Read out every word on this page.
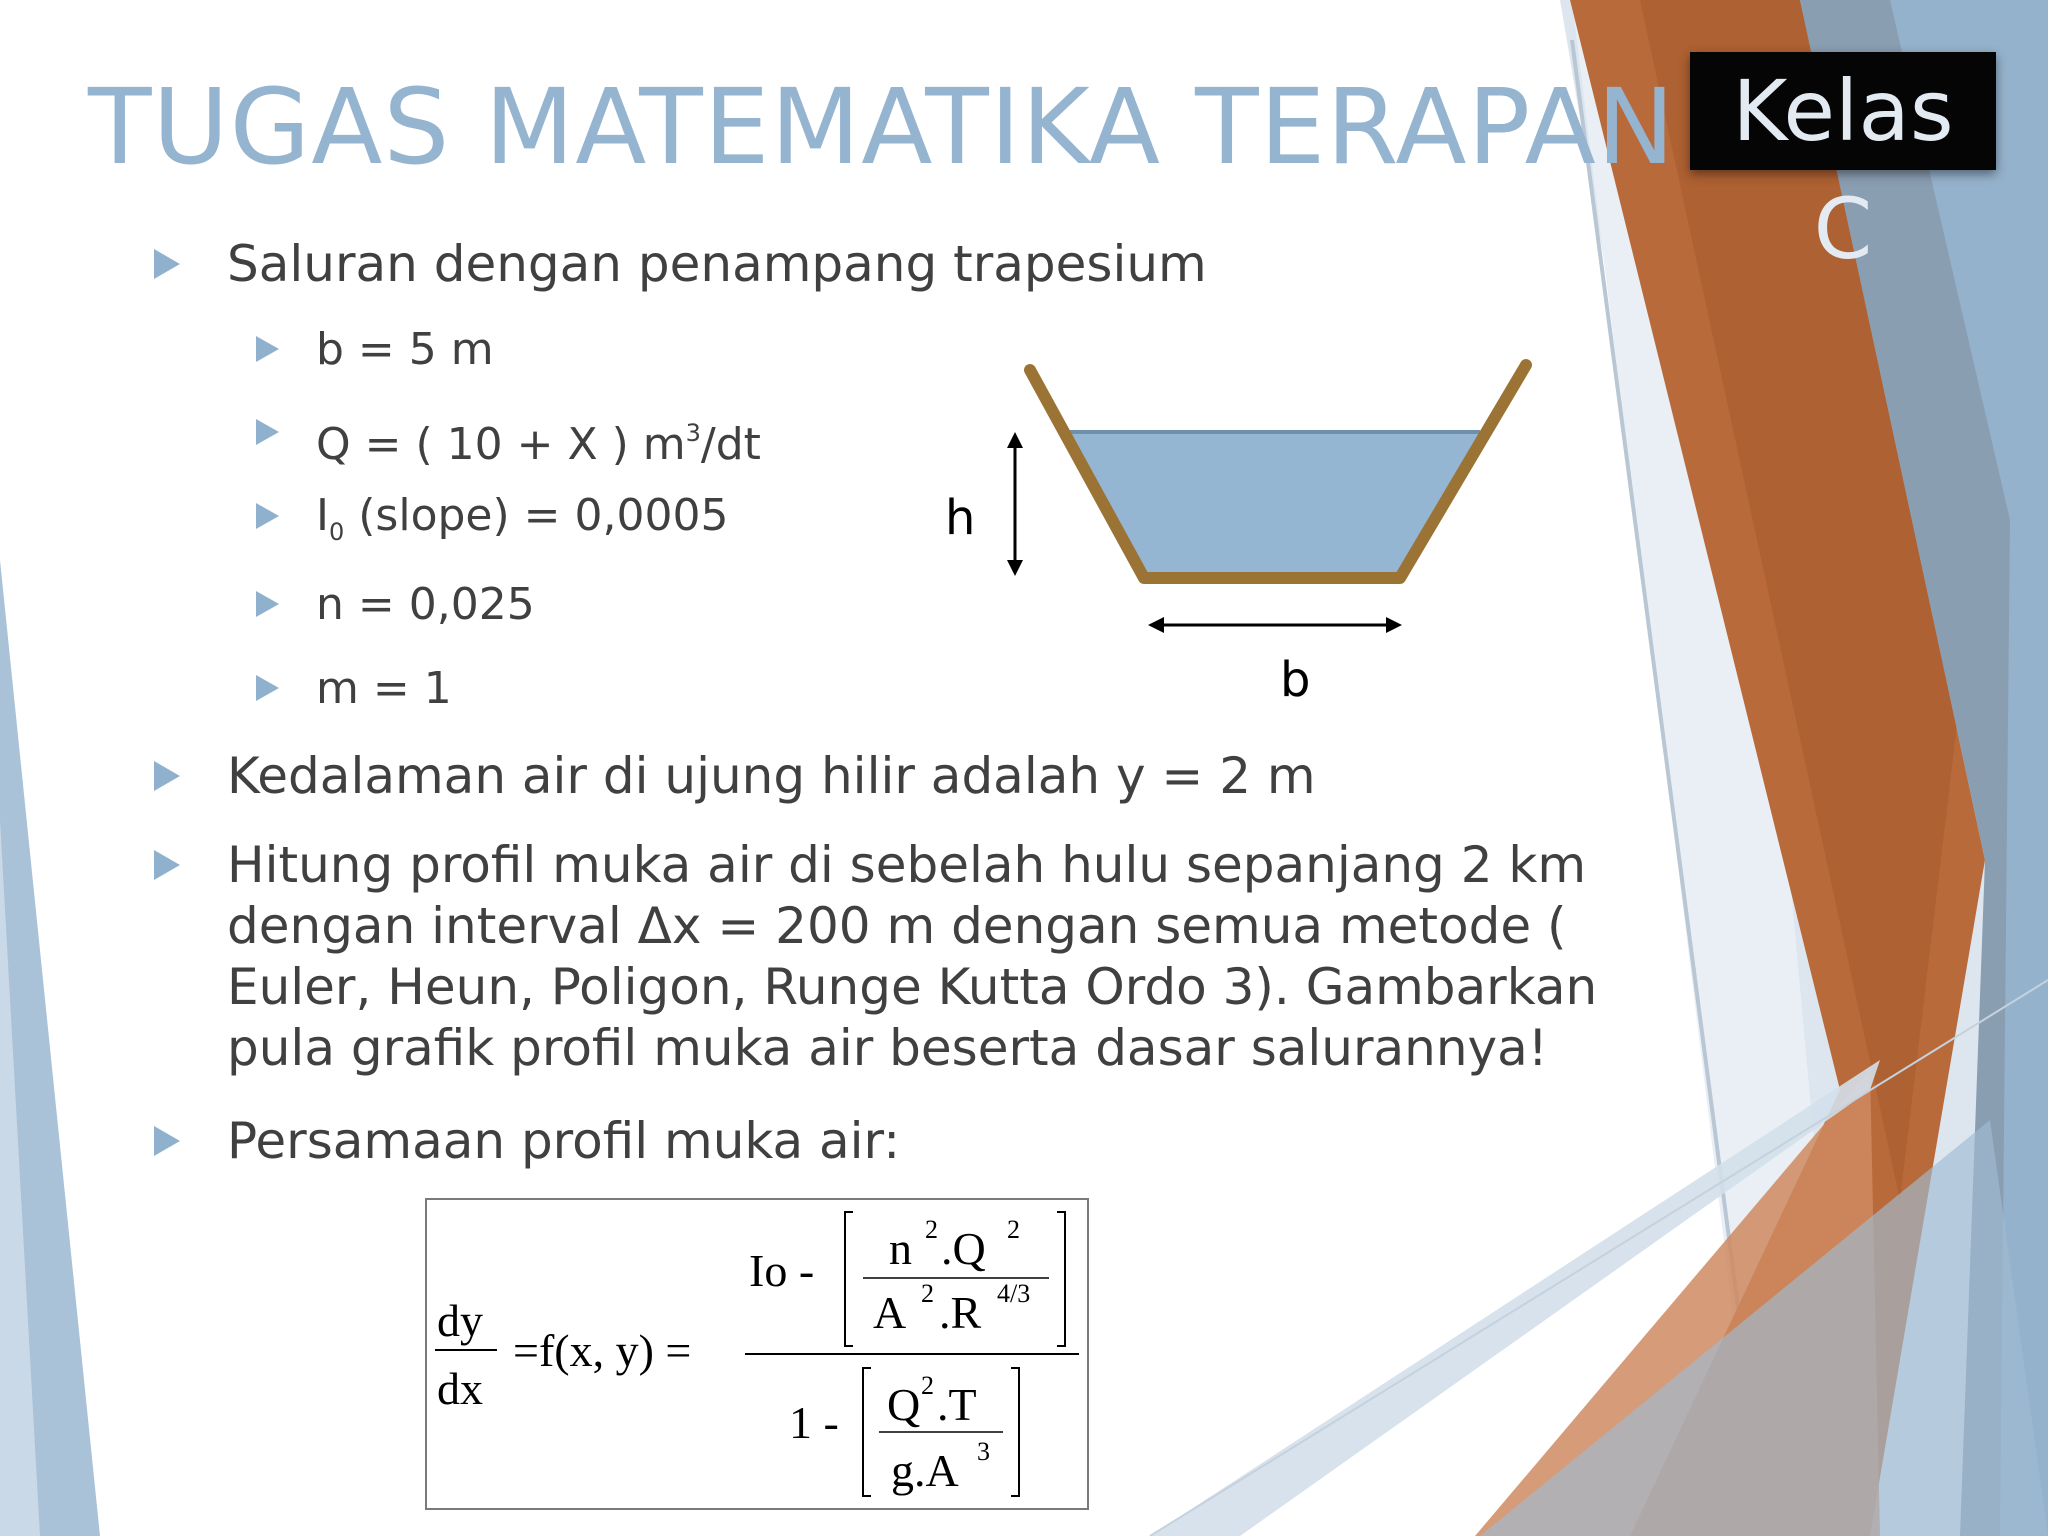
TUGAS MATEMATIKA TERAPAN Kelas C
Saluran dengan penampang trapesium
b = 5 m
Q = ( 10 + X ) $m^3/dt$
$I_0$ (slope) = 0,0005
n = 0,025
m = 1
Kedalaman air di ujung hilir adalah y = 2 m
Hitung profil muka air di sebelah hulu sepanjang 2 km dengan interval Δx = 200 m dengan semua metode ( Euler, Heun, Poligon, Runge Kutta Ordo 3). Gambarkan pula grafik profil muka air beserta dasar salurannya!
Persamaan profil muka air:
h
b
dy
dx
=f(x, y) =
Io - n 2 .Q 2
A 2 .R 4/3
1 - Q 2 .T
g.A 3
